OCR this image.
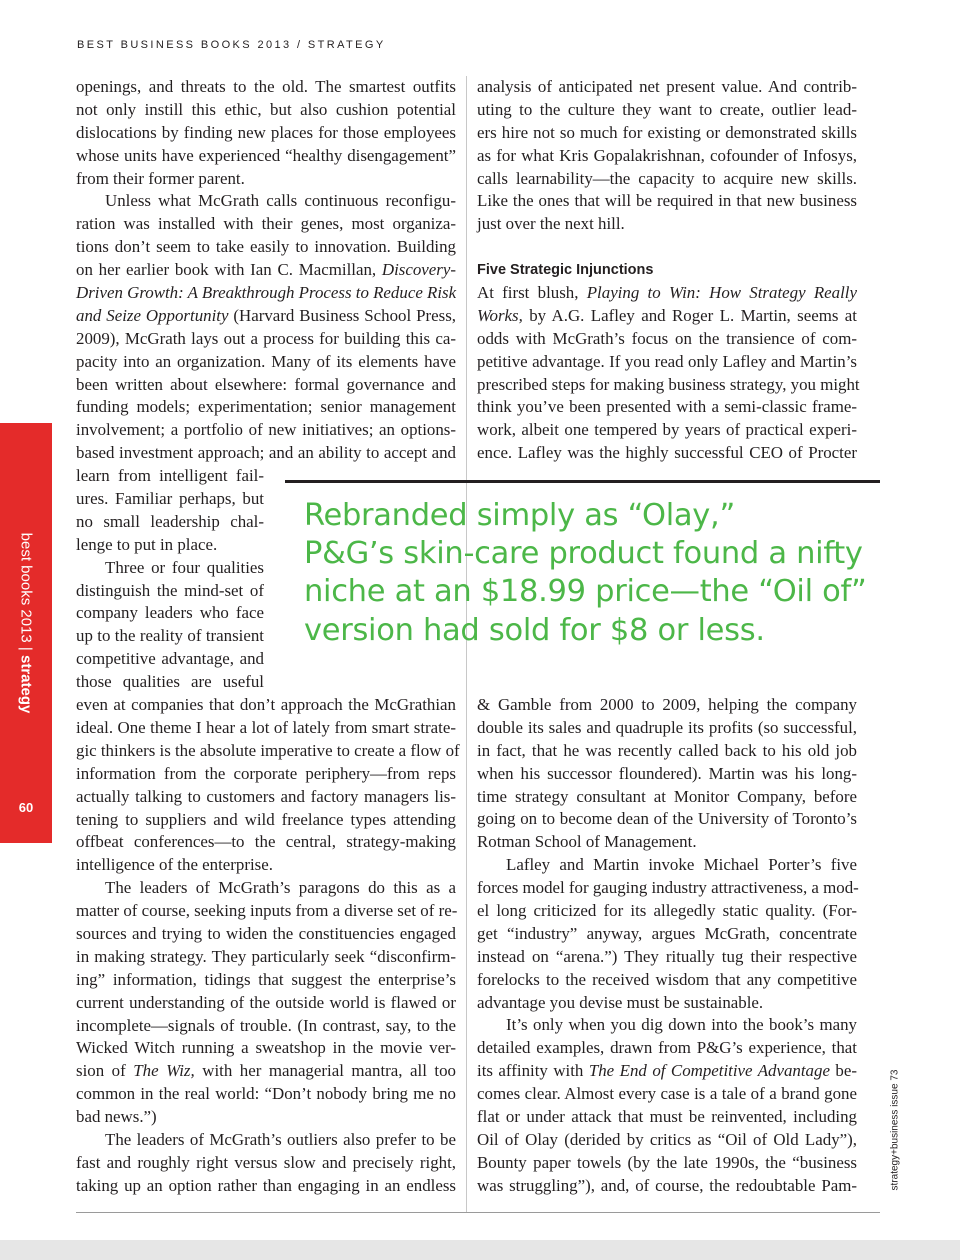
BEST BUSINESS BOOKS 2013 / STRATEGY
best books 2013 | strategy
60
strategy+business issue 73
openings, and threats to the old. The smartest outfits
not only instill this ethic, but also cushion potential
dislocations by finding new places for those employees
whose units have experienced “healthy disengagement”
from their former parent.
Unless what McGrath calls continuous reconfigu-
ration was installed with their genes, most organiza-
tions don’t seem to take easily to innovation. Building
on her earlier book with Ian C. Macmillan, Discovery-
Driven Growth: A Breakthrough Process to Reduce Risk
and Seize Opportunity (Harvard Business School Press,
2009), McGrath lays out a process for building this ca-
pacity into an organization. Many of its elements have
been written about elsewhere: formal governance and
funding models; experimentation; senior management
involvement; a portfolio of new initiatives; an options-
based investment approach; and an ability to accept and
learn from intelligent fail-
ures. Familiar perhaps, but
no small leadership chal-
lenge to put in place.
Three or four qualities
distinguish the mind-set of
company leaders who face
up to the reality of transient
competitive advantage, and
those qualities are useful
even at companies that don’t approach the McGrathian
ideal. One theme I hear a lot of lately from smart strate-
gic thinkers is the absolute imperative to create a flow of
information from the corporate periphery—from reps
actually talking to customers and factory managers lis-
tening to suppliers and wild freelance types attending
offbeat conferences—to the central, strategy-making
intelligence of the enterprise.
The leaders of McGrath’s paragons do this as a
matter of course, seeking inputs from a diverse set of re-
sources and trying to widen the constituencies engaged
in making strategy. They particularly seek “disconfirm-
ing” information, tidings that suggest the enterprise’s
current understanding of the outside world is flawed or
incomplete—signals of trouble. (In contrast, say, to the
Wicked Witch running a sweatshop in the movie ver-
sion of The Wiz, with her managerial mantra, all too
common in the real world: “Don’t nobody bring me no
bad news.”)
The leaders of McGrath’s outliers also prefer to be
fast and roughly right versus slow and precisely right,
taking up an option rather than engaging in an endless
analysis of anticipated net present value. And contrib-
uting to the culture they want to create, outlier lead-
ers hire not so much for existing or demonstrated skills
as for what Kris Gopalakrishnan, cofounder of Infosys,
calls learnability—the capacity to acquire new skills.
Like the ones that will be required in that new business
just over the next hill.
Five Strategic Injunctions
At first blush, Playing to Win: How Strategy Really
Works, by A.G. Lafley and Roger L. Martin, seems at
odds with McGrath’s focus on the transience of com-
petitive advantage. If you read only Lafley and Martin’s
prescribed steps for making business strategy, you might
think you’ve been presented with a semi-classic frame-
work, albeit one tempered by years of practical experi-
ence. Lafley was the highly successful CEO of Procter
& Gamble from 2000 to 2009, helping the company
double its sales and quadruple its profits (so successful,
in fact, that he was recently called back to his old job
when his successor floundered). Martin was his long-
time strategy consultant at Monitor Company, before
going on to become dean of the University of Toronto’s
Rotman School of Management.
Lafley and Martin invoke Michael Porter’s five
forces model for gauging industry attractiveness, a mod-
el long criticized for its allegedly static quality. (For-
get “industry” anyway, argues McGrath, concentrate
instead on “arena.”) They ritually tug their respective
forelocks to the received wisdom that any competitive
advantage you devise must be sustainable.
It’s only when you dig down into the book’s many
detailed examples, drawn from P&G’s experience, that
its affinity with The End of Competitive Advantage be-
comes clear. Almost every case is a tale of a brand gone
flat or under attack that must be reinvented, including
Oil of Olay (derided by critics as “Oil of Old Lady”),
Bounty paper towels (by the late 1990s, the “business
was struggling”), and, of course, the redoubtable Pam-
Rebranded simply as “Olay,”
P&G’s skin-care product found a nifty
niche at an $18.99 price—the “Oil of”
version had sold for $8 or less.
